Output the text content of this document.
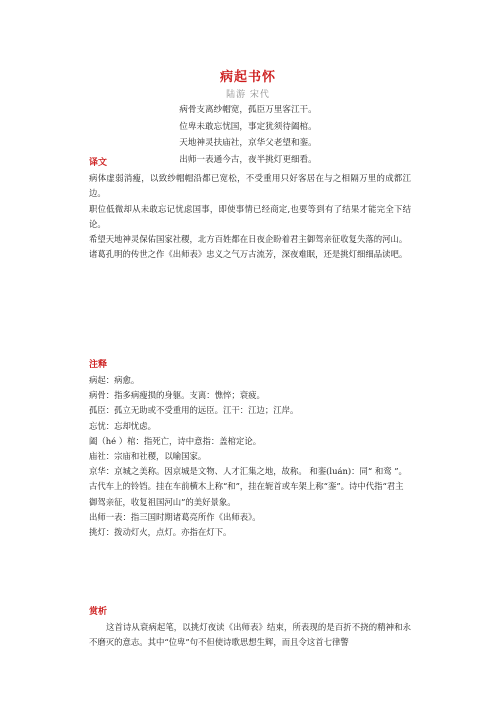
病起书怀
陆游 宋代
病骨支离纱帽宽，孤臣万里客江干。
位卑未敢忘忧国，事定犹须待阖棺。
天地神灵扶庙社，京华父老望和銮。
出师一表通今古，夜半挑灯更细看。
译文

病体虚弱消瘦，以致纱帽帽沿都已宽松，不受重用只好客居在与之相隔万里的成都江边。

职位低微却从未敢忘记忧虑国事，即使事情已经商定,也要等到有了结果才能完全下结论。

希望天地神灵保佑国家社稷，北方百姓都在日夜企盼着君主御驾亲征收复失落的河山。

诸葛孔明的传世之作《出师表》忠义之气万古流芳，深夜难眠，还是挑灯细细品读吧。

注释

病起：病愈。

病骨：指多病瘦损的身躯。支离：憔悴；衰疲。

孤臣：孤立无助或不受重用的远臣。江干：江边；江岸。

忘忧：忘却忧虑。

阖（hé ）棺：指死亡，诗中意指：盖棺定论。

庙社：宗庙和社稷，以喻国家。

京华：京城之美称。因京城是文物、人才汇集之地，故称。 和銮(luán)：同“ 和鸾 ”。古代车上的铃铛。挂在车前横木上称“和”，挂在轭首或车架上称“銮”。诗中代指“君主御驾亲征，收复祖国河山”的美好景象。

出师一表：指三国时期诸葛亮所作《出师表》。

挑灯：拨动灯火，点灯。亦指在灯下。

赏析

这首诗从衰病起笔，以挑灯夜读《出师表》结束，所表现的是百折不挠的精神和永不磨灭的意志。其中“位卑”句不但使诗歌思想生辉，而且令这首七律警
